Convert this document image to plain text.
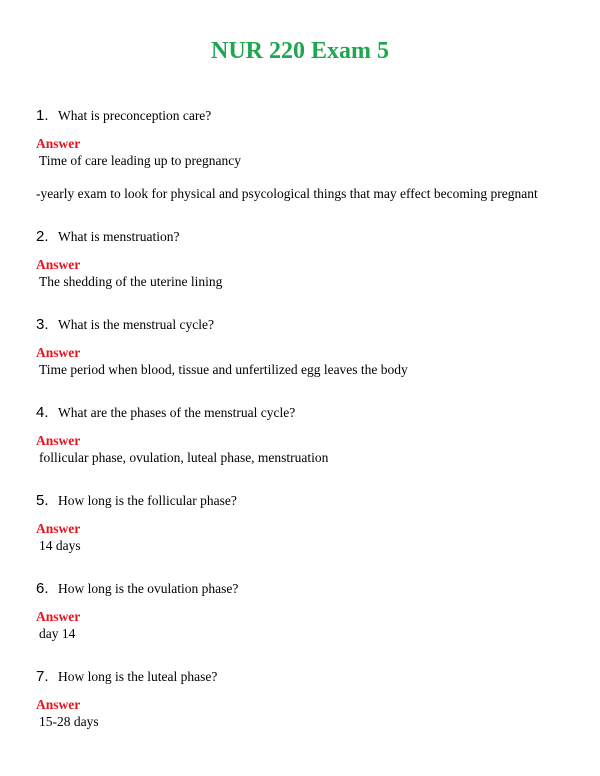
NUR 220 Exam 5
1. What is preconception care?
Answer
Time of care leading up to pregnancy
-yearly exam to look for physical and psycological things that may effect becoming pregnant
2. What is menstruation?
Answer
The shedding of the uterine lining
3. What is the menstrual cycle?
Answer
Time period when blood, tissue and unfertilized egg leaves the body
4. What are the phases of the menstrual cycle?
Answer
follicular phase, ovulation, luteal phase, menstruation
5. How long is the follicular phase?
Answer
14 days
6. How long is the ovulation phase?
Answer
day 14
7. How long is the luteal phase?
Answer
15-28 days
